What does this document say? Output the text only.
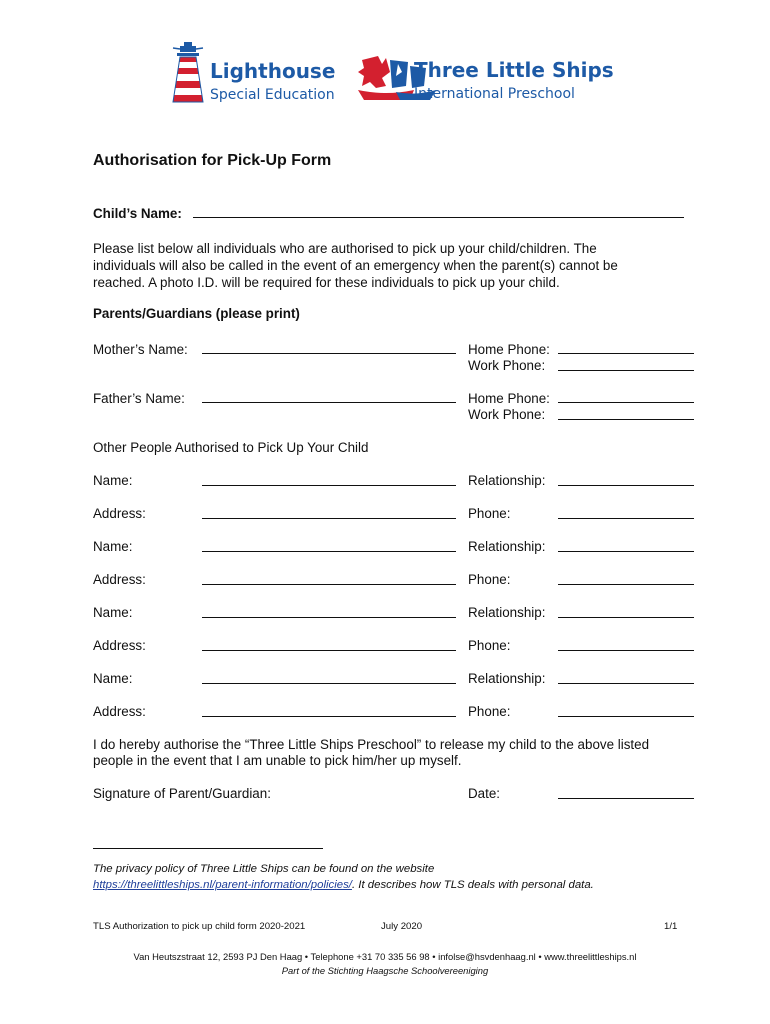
Lighthouse
Special Education
Three Little Ships
International Preschool
Authorisation for Pick-Up Form
Child’s Name:
Please list below all individuals who are authorised to pick up your child/children. The
individuals will also be called in the event of an emergency when the parent(s) cannot be
reached. A photo I.D. will be required for these individuals to pick up your child.
Parents/Guardians (please print)
Mother’s Name:	Home Phone:
Work Phone:
Father’s Name:	Home Phone:
Work Phone:
Other People Authorised to Pick Up Your Child
Name:	Relationship:
Address:	Phone:
Name:	Relationship:
Address:	Phone:
Name:	Relationship:
Address:	Phone:
Name:	Relationship:
Address:	Phone:
I do hereby authorise the “Three Little Ships Preschool” to release my child to the above listed
people in the event that I am unable to pick him/her up myself.
Signature of Parent/Guardian:	Date:
The privacy policy of Three Little Ships can be found on the website
https://threelittleships.nl/parent-information/policies/. It describes how TLS deals with personal data.
TLS Authorization to pick up child form 2020-2021	July 2020	1/1
Van Heutszstraat 12, 2593 PJ Den Haag • Telephone +31 70 335 56 98 • infolse@hsvdenhaag.nl • www.threelittleships.nl
Part of the Stichting Haagsche Schoolvereeniging
